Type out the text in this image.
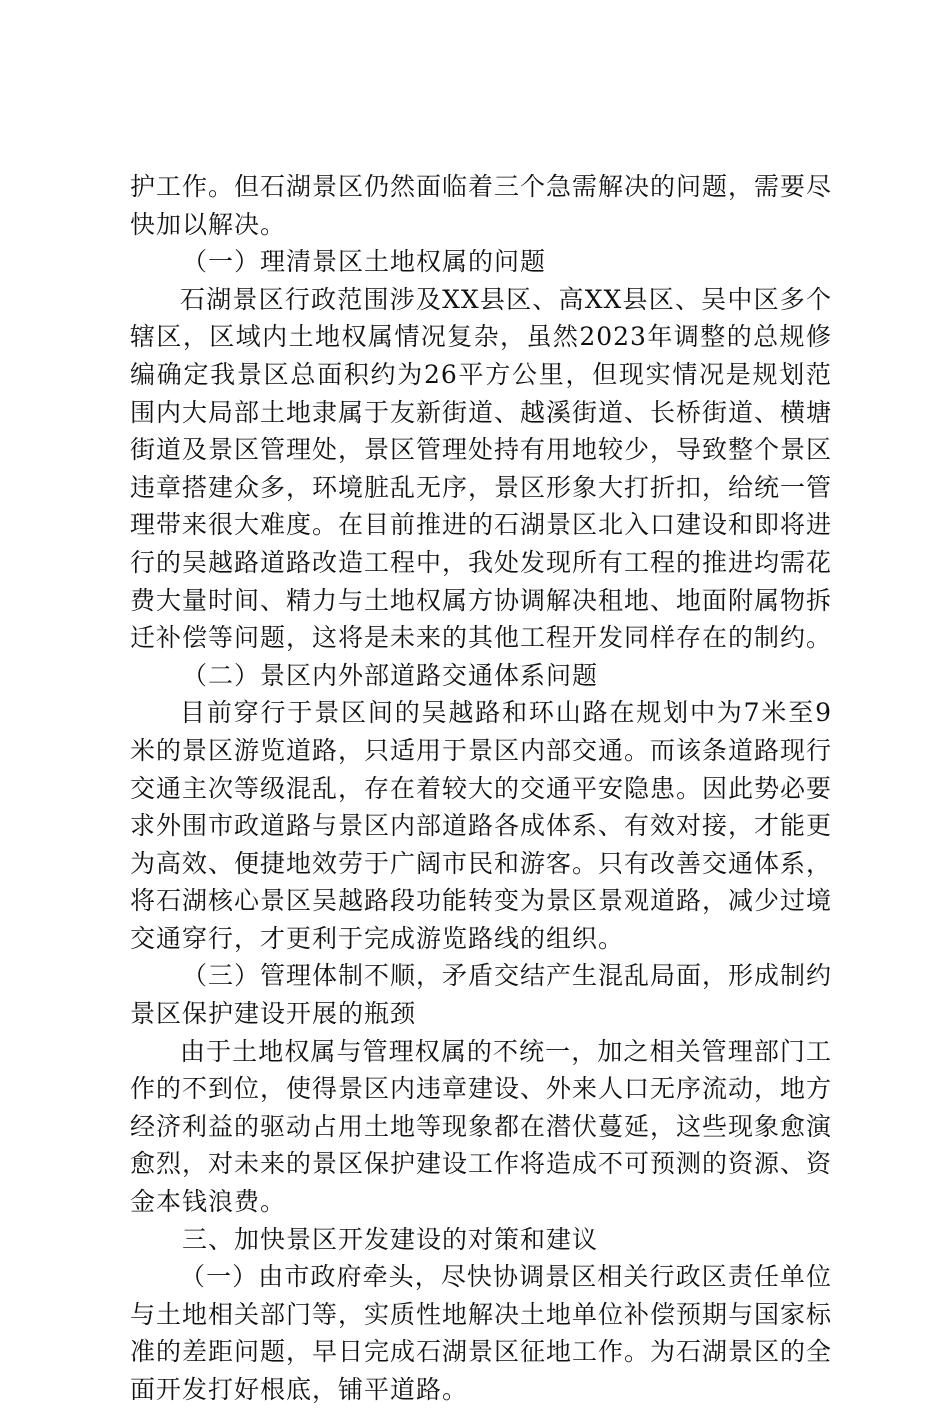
护工作。但石湖景区仍然面临着三个急需解决的问题，需要尽快加以解决。

（一）理清景区土地权属的问题

石湖景区行政范围涉及XX县区、高XX县区、吴中区多个辖区，区域内土地权属情况复杂，虽然2023年调整的总规修编确定我景区总面积约为26平方公里，但现实情况是规划范围内大局部土地隶属于友新街道、越溪街道、长桥街道、横塘街道及景区管理处，景区管理处持有用地较少，导致整个景区违章搭建众多，环境脏乱无序，景区形象大打折扣，给统一管理带来很大难度。在目前推进的石湖景区北入口建设和即将进行的吴越路道路改造工程中，我处发现所有工程的推进均需花费大量时间、精力与土地权属方协调解决租地、地面附属物拆迁补偿等问题，这将是未来的其他工程开发同样存在的制约。

（二）景区内外部道路交通体系问题

目前穿行于景区间的吴越路和环山路在规划中为7米至9米的景区游览道路，只适用于景区内部交通。而该条道路现行交通主次等级混乱，存在着较大的交通平安隐患。因此势必要求外围市政道路与景区内部道路各成体系、有效对接，才能更为高效、便捷地效劳于广阔市民和游客。只有改善交通体系，将石湖核心景区吴越路段功能转变为景区景观道路，减少过境交通穿行，才更利于完成游览路线的组织。

（三）管理体制不顺，矛盾交结产生混乱局面，形成制约景区保护建设开展的瓶颈

由于土地权属与管理权属的不统一，加之相关管理部门工作的不到位，使得景区内违章建设、外来人口无序流动，地方经济利益的驱动占用土地等现象都在潜伏蔓延，这些现象愈演愈烈，对未来的景区保护建设工作将造成不可预测的资源、资金本钱浪费。

三、加快景区开发建设的对策和建议

（一）由市政府牵头，尽快协调景区相关行政区责任单位与土地相关部门等，实质性地解决土地单位补偿预期与国家标准的差距问题，早日完成石湖景区征地工作。为石湖景区的全面开发打好根底，铺平道路。
